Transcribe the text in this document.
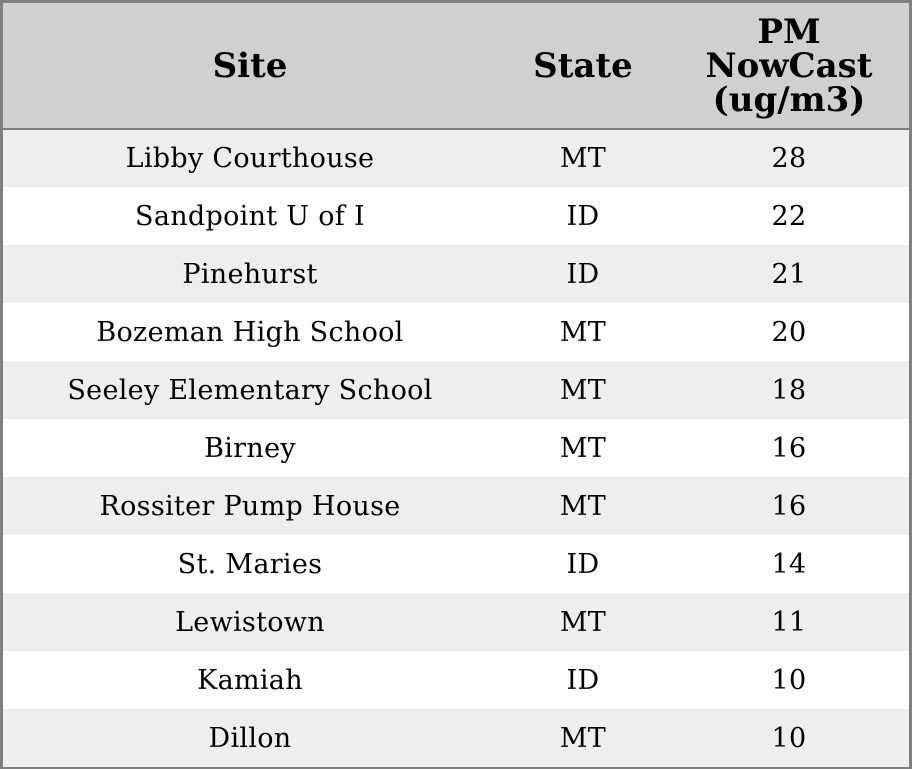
Site	State	PM NowCast (ug/m3)
Libby Courthouse	MT	28
Sandpoint U of I	ID	22
Pinehurst	ID	21
Bozeman High School	MT	20
Seeley Elementary School	MT	18
Birney	MT	16
Rossiter Pump House	MT	16
St. Maries	ID	14
Lewistown	MT	11
Kamiah	ID	10
Dillon	MT	10
